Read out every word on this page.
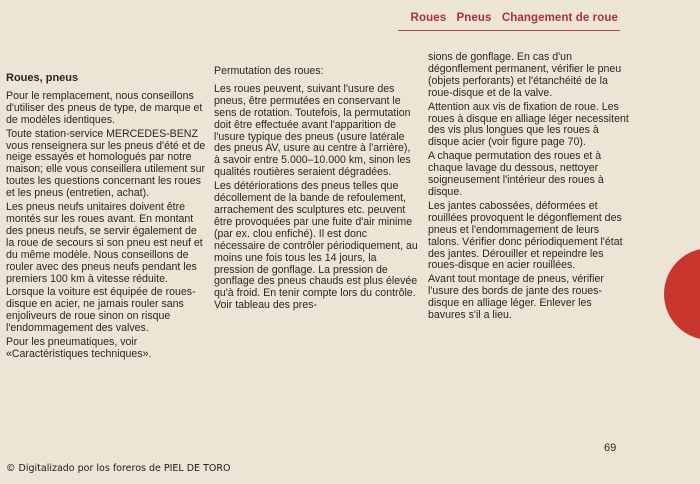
Roues Pneus Changement de roue

Roues, pneus

Pour le remplacement, nous conseillons d'utiliser des pneus de type, de marque et de modèles identiques.

Toute station-service MERCEDES-BENZ vous renseignera sur les pneus d'été et de neige essayés et homologués par notre maison; elle vous conseillera utilement sur toutes les questions concernant les roues et les pneus (entretien, achat).

Les pneus neufs unitaires doivent être montés sur les roues avant. En montant des pneus neufs, se servir également de la roue de secours si son pneu est neuf et du même modèle. Nous conseillons de rouler avec des pneus neufs pendant les premiers 100 km à vitesse réduite.

Lorsque la voiture est équipée de roues-disque en acier, ne jamais rouler sans enjoliveurs de roue sinon on risque l'endommagement des valves.

Pour les pneumatiques, voir «Caractéristiques techniques».

Permutation des roues:

Les roues peuvent, suivant l'usure des pneus, être permutées en conservant le sens de rotation. Toutefois, la permutation doit être effectuée avant l'apparition de l'usure typique des pneus (usure latérale des pneus AV, usure au centre à l'arrière), à savoir entre 5.000–10.000 km, sinon les qualités routières seraient dégradées.

Les détériorations des pneus telles que décollement de la bande de refoulement, arrachement des sculptures etc. peuvent être provoquées par une fuite d'air minime (par ex. clou enfiché). Il est donc nécessaire de contrôler périodiquement, au moins une fois tous les 14 jours, la pression de gonflage. La pression de gonflage des pneus chauds est plus élevée qu'à froid. En tenir compte lors du contrôle. Voir tableau des pres-

sions de gonflage. En cas d'un dégonflement permanent, vérifier le pneu (objets perforants) et l'étanchéité de la roue-disque et de la valve.

Attention aux vis de fixation de roue. Les roues à disque en alliage léger necessitent des vis plus longues que les roues à disque acier (voir figure page 70).

A chaque permutation des roues et à chaque lavage du dessous, nettoyer soigneusement l'intérieur des roues à disque.

Les jantes cabossées, déformées et rouillées provoquent le dégonflement des pneus et l'endommagement de leurs talons. Vérifier donc périodiquement l'état des jantes. Dérouiller et repeindre les roues-disque en acier rouillées.

Avant tout montage de pneus, vérifier l'usure des bords de jante des roues-disque en alliage léger. Enlever les bavures s'il a lieu.

69
© Digitalizado por los foreros de PIEL DE TORO
